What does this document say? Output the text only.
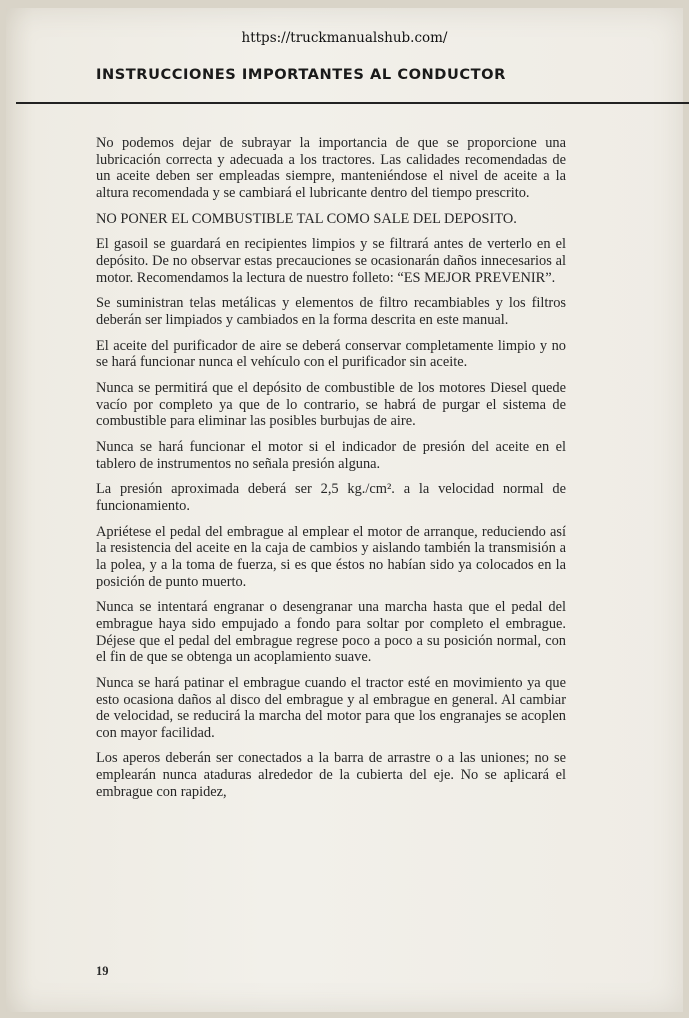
https://truckmanualshub.com/
INSTRUCCIONES IMPORTANTES AL CONDUCTOR

No podemos dejar de subrayar la importancia de que se proporcione una lubricación correcta y adecuada a los tractores. Las calidades recomendadas de un aceite deben ser empleadas siempre, manteniéndose el nivel de aceite a la altura recomendada y se cambiará el lubricante dentro del tiempo prescrito.

NO PONER EL COMBUSTIBLE TAL COMO SALE DEL DEPOSITO.

El gasoil se guardará en recipientes limpios y se filtrará antes de verterlo en el depósito. De no observar estas precauciones se ocasionarán daños innecesarios al motor. Recomendamos la lectura de nuestro folleto: “ES MEJOR PREVENIR”.

Se suministran telas metálicas y elementos de filtro recambiables y los filtros deberán ser limpiados y cambiados en la forma descrita en este manual.

El aceite del purificador de aire se deberá conservar completamente limpio y no se hará funcionar nunca el vehículo con el purificador sin aceite.

Nunca se permitirá que el depósito de combustible de los motores Diesel quede vacío por completo ya que de lo contrario, se habrá de purgar el sistema de combustible para eliminar las posibles burbujas de aire.

Nunca se hará funcionar el motor si el indicador de presión del aceite en el tablero de instrumentos no señala presión alguna.

La presión aproximada deberá ser 2,5 kg./cm². a la velocidad normal de funcionamiento.

Apriétese el pedal del embrague al emplear el motor de arranque, reduciendo así la resistencia del aceite en la caja de cambios y aislando también la transmisión a la polea, y a la toma de fuerza, si es que éstos no habían sido ya colocados en la posición de punto muerto.

Nunca se intentará engranar o desengranar una marcha hasta que el pedal del embrague haya sido empujado a fondo para soltar por completo el embrague. Déjese que el pedal del embrague regrese poco a poco a su posición normal, con el fin de que se obtenga un acoplamiento suave.

Nunca se hará patinar el embrague cuando el tractor esté en movimiento ya que esto ocasiona daños al disco del embrague y al embrague en general. Al cambiar de velocidad, se reducirá la marcha del motor para que los engranajes se acoplen con mayor facilidad.

Los aperos deberán ser conectados a la barra de arrastre o a las uniones; no se emplearán nunca ataduras alrededor de la cubierta del eje. No se aplicará el embrague con rapidez,

19
